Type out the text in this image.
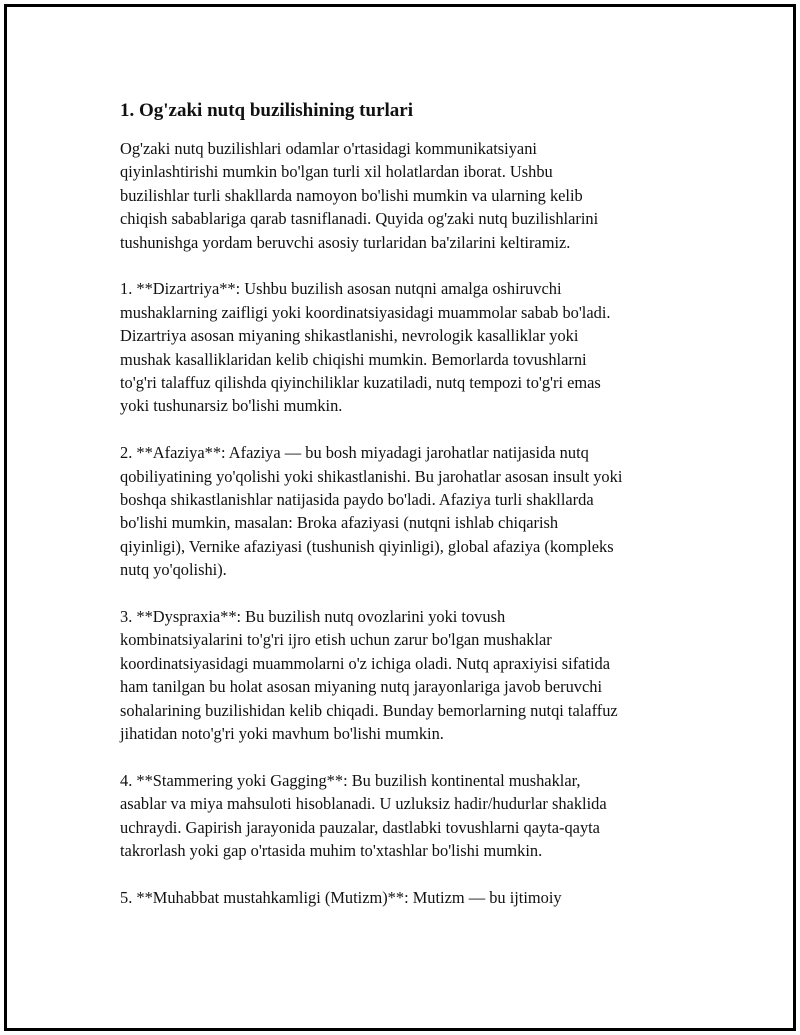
1. Og'zaki nutq buzilishining turlari

Og'zaki nutq buzilishlari odamlar o'rtasidagi kommunikatsiyani
qiyinlashtirishi mumkin bo'lgan turli xil holatlardan iborat. Ushbu
buzilishlar turli shakllarda namoyon bo'lishi mumkin va ularning kelib
chiqish sabablariga qarab tasniflanadi. Quyida og'zaki nutq buzilishlarini
tushunishga yordam beruvchi asosiy turlaridan ba'zilarini keltiramiz.

1. **Dizartriya**: Ushbu buzilish asosan nutqni amalga oshiruvchi
mushaklarning zaifligi yoki koordinatsiyasidagi muammolar sabab bo'ladi.
Dizartriya asosan miyaning shikastlanishi, nevrologik kasalliklar yoki
mushak kasalliklaridan kelib chiqishi mumkin. Bemorlarda tovushlarni
to'g'ri talaffuz qilishda qiyinchiliklar kuzatiladi, nutq tempozi to'g'ri emas
yoki tushunarsiz bo'lishi mumkin.

2. **Afaziya**: Afaziya — bu bosh miyadagi jarohatlar natijasida nutq
qobiliyatining yo'qolishi yoki shikastlanishi. Bu jarohatlar asosan insult yoki
boshqa shikastlanishlar natijasida paydo bo'ladi. Afaziya turli shakllarda
bo'lishi mumkin, masalan: Broka afaziyasi (nutqni ishlab chiqarish
qiyinligi), Vernike afaziyasi (tushunish qiyinligi), global afaziya (kompleks
nutq yo'qolishi).

3. **Dyspraxia**: Bu buzilish nutq ovozlarini yoki tovush
kombinatsiyalarini to'g'ri ijro etish uchun zarur bo'lgan mushaklar
koordinatsiyasidagi muammolarni o'z ichiga oladi. Nutq apraxiyisi sifatida
ham tanilgan bu holat asosan miyaning nutq jarayonlariga javob beruvchi
sohalarining buzilishidan kelib chiqadi. Bunday bemorlarning nutqi talaffuz
jihatidan noto'g'ri yoki mavhum bo'lishi mumkin.

4. **Stammering yoki Gagging**: Bu buzilish kontinental mushaklar,
asablar va miya mahsuloti hisoblanadi. U uzluksiz hadir/hudurlar shaklida
uchraydi. Gapirish jarayonida pauzalar, dastlabki tovushlarni qayta-qayta
takrorlash yoki gap o'rtasida muhim to'xtashlar bo'lishi mumkin.

5. **Muhabbat mustahkamligi (Mutizm)**: Mutizm — bu ijtimoiy
